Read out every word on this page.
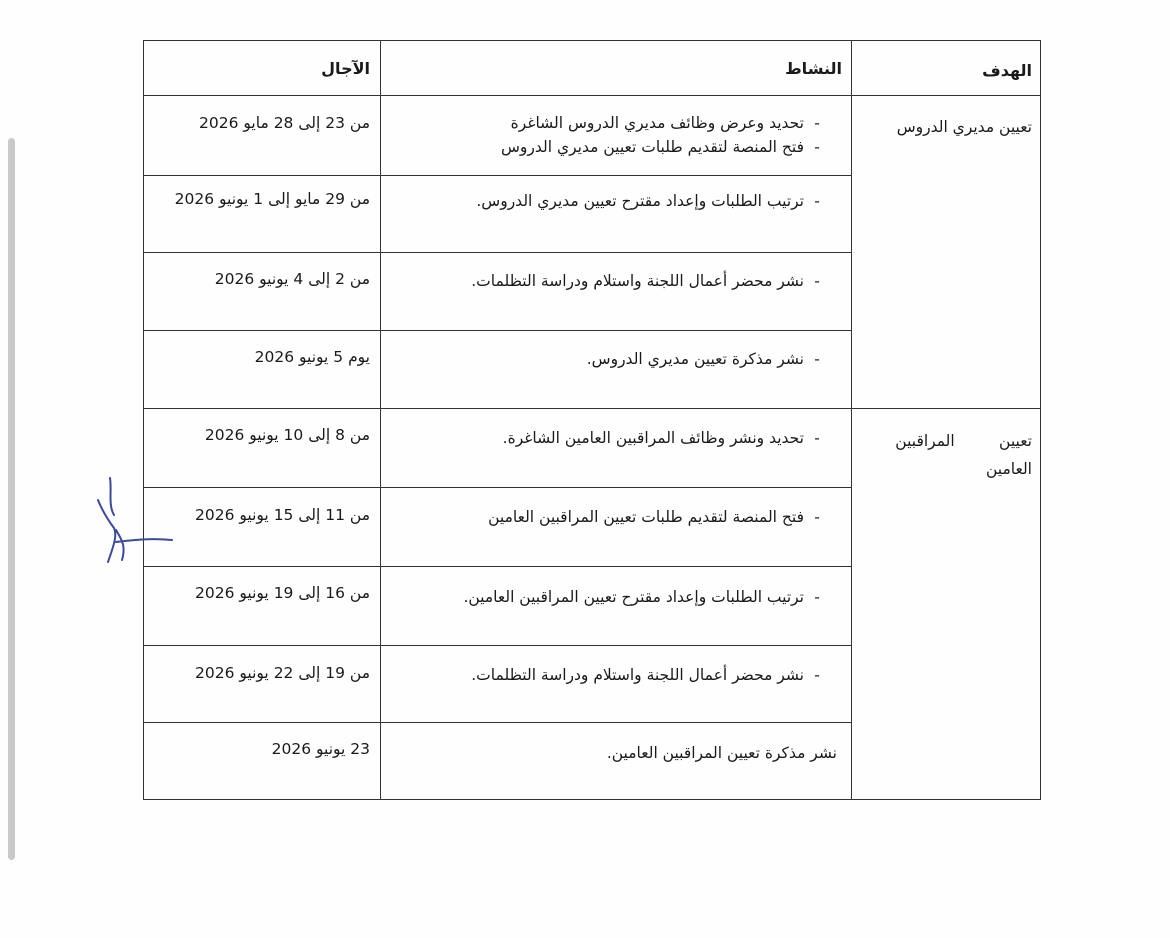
الهدف
النشاط
الآجال
تعيين مديري الدروس
تعيين         المراقبين
العامين
- تحديد وعرض وظائف مديري الدروس الشاغرة
- فتح المنصة لتقديم طلبات تعيين مديري الدروس
- ترتيب الطلبات وإعداد مقترح تعيين مديري الدروس.
- نشر محضر أعمال اللجنة واستلام ودراسة التظلمات.
- نشر مذكرة تعيين مديري الدروس.
- تحديد ونشر وظائف المراقبين العامين الشاغرة.
- فتح المنصة لتقديم طلبات تعيين المراقبين العامين
- ترتيب الطلبات وإعداد مقترح تعيين المراقبين العامين.
- نشر محضر أعمال اللجنة واستلام ودراسة التظلمات.
نشر مذكرة تعيين المراقبين العامين.
من 23 إلى 28 مايو 2026
من 29 مايو إلى 1 يونيو 2026
من 2 إلى 4 يونيو 2026
يوم 5 يونيو 2026
من 8 إلى 10 يونيو 2026
من 11 إلى 15 يونيو 2026
من 16 إلى 19 يونيو 2026
من 19 إلى 22 يونيو 2026
23 يونيو 2026
